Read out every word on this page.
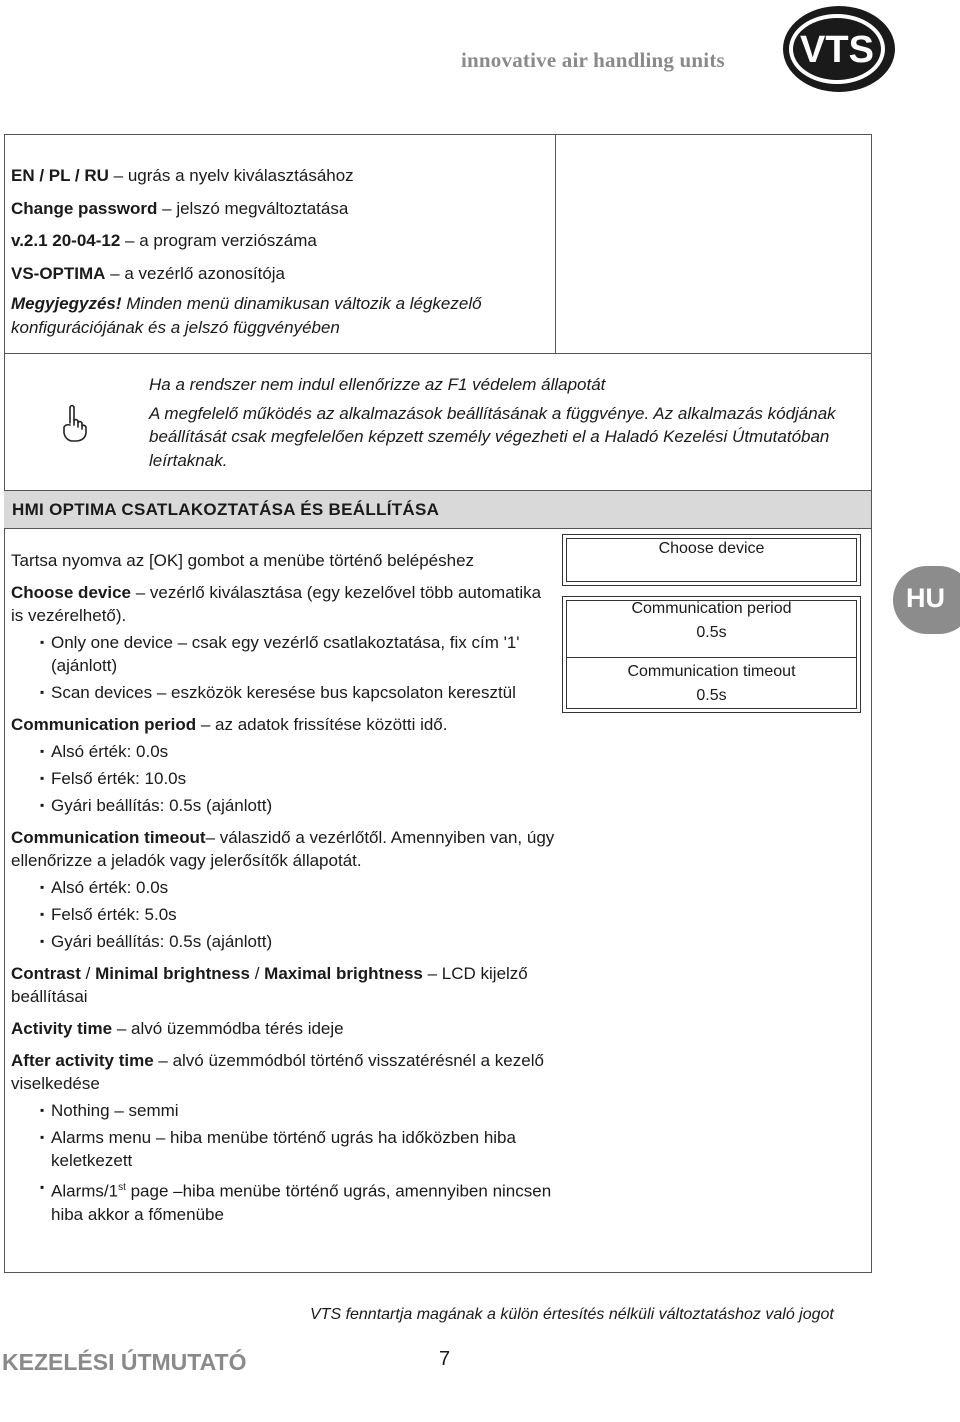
innovative air handling units	VTS
EN / PL / RU – ugrás a nyelv kiválasztásához
Change password – jelszó megváltoztatása
v.2.1 20-04-12 – a program verziószáma
VS-OPTIMA – a vezérlő azonosítója
Megyjegyzés! Minden menü dinamikusan változik a légkezelő konfigurációjának és a jelszó függvényében

Ha a rendszer nem indul ellenőrizze az F1 védelem állapotát

A megfelelő működés az alkalmazások beállításának a függvénye. Az alkalmazás kódjának beállítását csak megfelelően képzett személy végezheti el a Haladó Kezelési Útmutatóban leírtaknak.

HMI OPTIMA CSATLAKOZTATÁSA ÉS BEÁLLÍTÁSA

Tartsa nyomva az [OK] gombot a menübe történő belépéshez

Choose device – vezérlő kiválasztása (egy kezelővel több automatika is vezérelhető).

▪ Only one device – csak egy vezérlő csatlakoztatása, fix cím '1' (ajánlott)
▪ Scan devices – eszközök keresése bus kapcsolaton keresztül

Communication period – az adatok frissítése közötti idő.

▪ Alsó érték: 0.0s
▪ Felső érték: 10.0s
▪ Gyári beállítás: 0.5s (ajánlott)

Communication timeout– válaszidő a vezérlőtől. Amennyiben van, úgy ellenőrizze a jeladók vagy jelerősítők állapotát.

▪ Alsó érték: 0.0s
▪ Felső érték: 5.0s
▪ Gyári beállítás: 0.5s (ajánlott)

Contrast / Minimal brightness / Maximal brightness – LCD kijelző beállításai

Activity time – alvó üzemmódba térés ideje

After activity time – alvó üzemmódból történő visszatérésnél a kezelő viselkedése

▪ Nothing – semmi
▪ Alarms menu – hiba menübe történő ugrás ha időközben hiba keletkezett
▪ Alarms/1st page –hiba menübe történő ugrás, amennyiben nincsen hiba akkor a főmenübe
Choose device
Communication period
0.5s
Communication timeout
0.5s
HU
VTS fenntartja magának a külön értesítés nélküli változtatáshoz való jogot
KEZELÉSI ÚTMUTATÓ	7
